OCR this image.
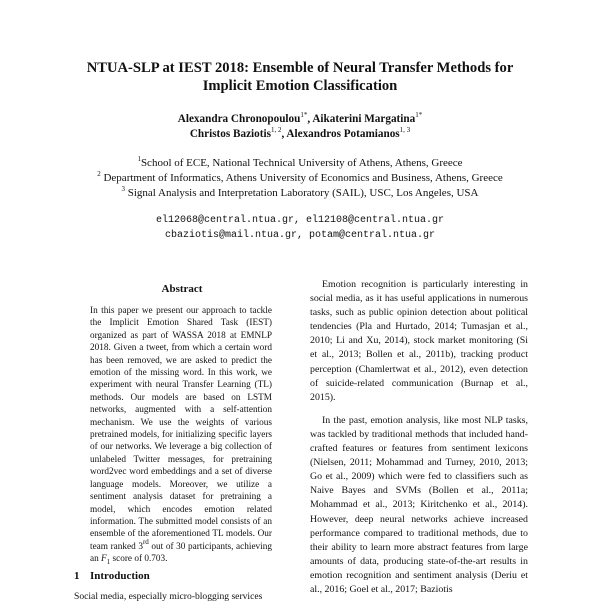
NTUA-SLP at IEST 2018: Ensemble of Neural Transfer Methods for
Implicit Emotion Classification
Alexandra Chronopoulou$^{1*}$, Aikaterini Margatina$^{1*}$
Christos Baziotis$^{1, 2}$, Alexandros Potamianos$^{1, 3}$
$^1$School of ECE, National Technical University of Athens, Athens, Greece
$^2$ Department of Informatics, Athens University of Economics and Business, Athens, Greece
$^3$ Signal Analysis and Interpretation Laboratory (SAIL), USC, Los Angeles, USA
el12068@central.ntua.gr, el12108@central.ntua.gr
cbaziotis@mail.ntua.gr, potam@central.ntua.gr
Abstract
In this paper we present our approach to tackle the Implicit Emotion Shared Task (IEST) organized as part of WASSA 2018 at EMNLP 2018. Given a tweet, from which a certain word has been removed, we are asked to predict the emotion of the missing word. In this work, we experiment with neural Transfer Learning (TL) methods. Our models are based on LSTM networks, augmented with a self-attention mechanism. We use the weights of various pretrained models, for initializing specific layers of our networks. We leverage a big collection of unlabeled Twitter messages, for pretraining word2vec word embeddings and a set of diverse language models. Moreover, we utilize a sentiment analysis dataset for pretraining a model, which encodes emotion related information. The submitted model consists of an ensemble of the aforementioned TL models. Our team ranked 3rd out of 30 participants, achieving an $F_1$ score of 0.703.
1 Introduction
Social media, especially micro-blogging services

Emotion recognition is particularly interesting in social media, as it has useful applications in numerous tasks, such as public opinion detection about political tendencies (Pla and Hurtado, 2014; Tumasjan et al., 2010; Li and Xu, 2014), stock market monitoring (Si et al., 2013; Bollen et al., 2011b), tracking product perception (Chamlertwat et al., 2012), even detection of suicide-related communication (Burnap et al., 2015).

In the past, emotion analysis, like most NLP tasks, was tackled by traditional methods that included hand-crafted features or features from sentiment lexicons (Nielsen, 2011; Mohammad and Turney, 2010, 2013; Go et al., 2009) which were fed to classifiers such as Naive Bayes and SVMs (Bollen et al., 2011a; Mohammad et al., 2013; Kiritchenko et al., 2014). However, deep neural networks achieve increased performance compared to traditional methods, due to their ability to learn more abstract features from large amounts of data, producing state-of-the-art results in emotion recognition and sentiment analysis (Deriu et al., 2016; Goel et al., 2017; Baziotis
